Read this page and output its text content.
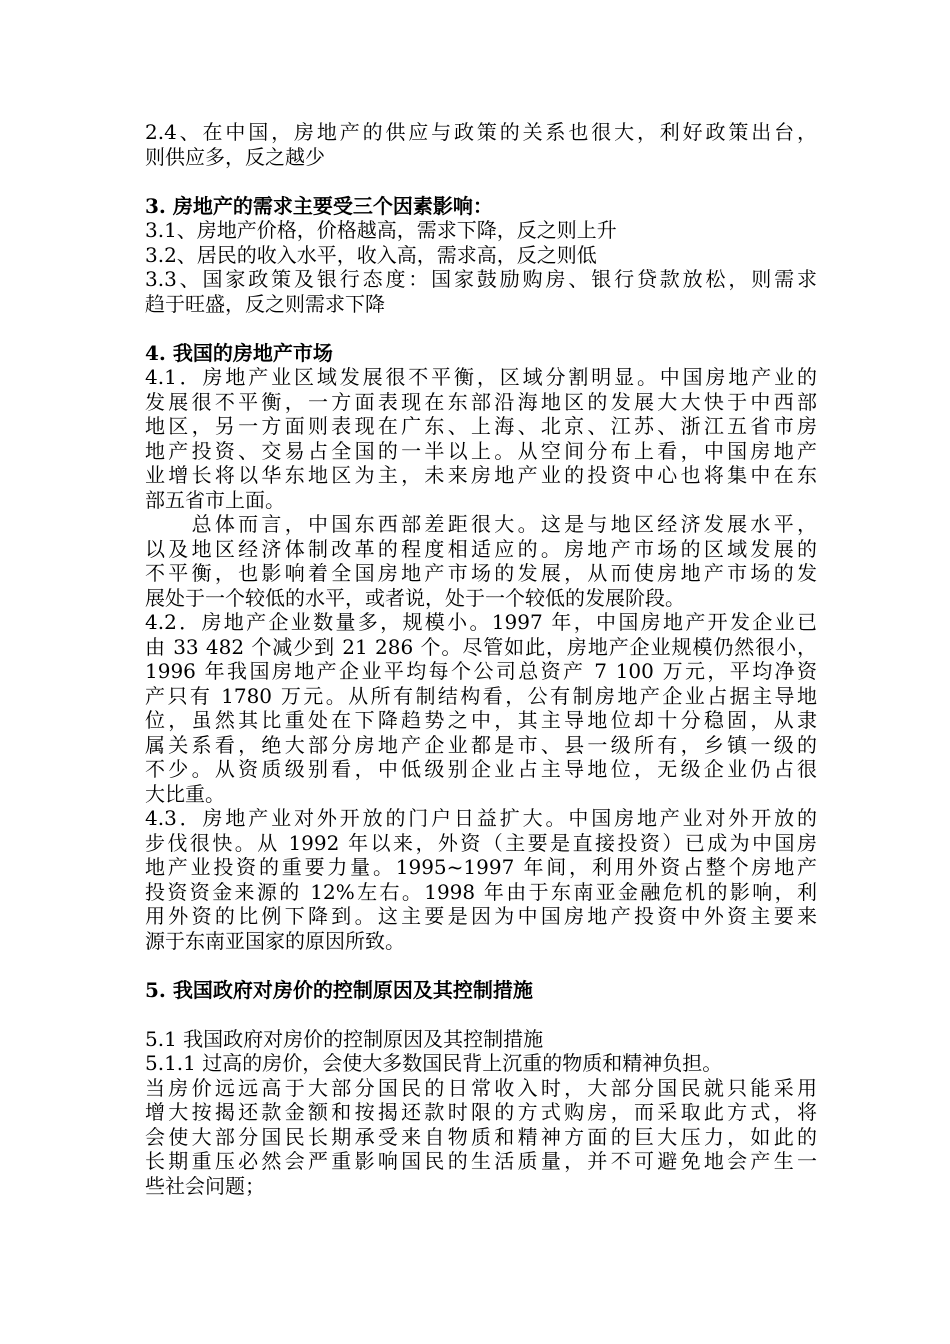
2.4、在中国，房地产的供应与政策的关系也很大，利好政策出台，
则供应多，反之越少
3. 房地产的需求主要受三个因素影响：
3.1、房地产价格，价格越高，需求下降，反之则上升
3.2、居民的收入水平，收入高，需求高，反之则低
3.3、国家政策及银行态度：国家鼓励购房、银行贷款放松，则需求
趋于旺盛，反之则需求下降
4. 我国的房地产市场
4.1．房地产业区域发展很不平衡，区域分割明显。中国房地产业的
发展很不平衡，一方面表现在东部沿海地区的发展大大快于中西部
地区，另一方面则表现在广东、上海、北京、江苏、浙江五省市房
地产投资、交易占全国的一半以上。从空间分布上看，中国房地产
业增长将以华东地区为主，未来房地产业的投资中心也将集中在东
部五省市上面。
　　总体而言，中国东西部差距很大。这是与地区经济发展水平，
以及地区经济体制改革的程度相适应的。房地产市场的区域发展的
不平衡，也影响着全国房地产市场的发展，从而使房地产市场的发
展处于一个较低的水平，或者说，处于一个较低的发展阶段。
4.2．房地产企业数量多，规模小。1997 年，中国房地产开发企业已
由 33 482 个减少到 21 286 个。尽管如此，房地产企业规模仍然很小，
1996 年我国房地产企业平均每个公司总资产 7 100 万元，平均净资
产只有 1780 万元。从所有制结构看，公有制房地产企业占据主导地
位，虽然其比重处在下降趋势之中，其主导地位却十分稳固，从隶
属关系看，绝大部分房地产企业都是市、县一级所有，乡镇一级的
不少。从资质级别看，中低级别企业占主导地位，无级企业仍占很
大比重。
4.3．房地产业对外开放的门户日益扩大。中国房地产业对外开放的
步伐很快。从 1992 年以来，外资（主要是直接投资）已成为中国房
地产业投资的重要力量。1995~1997 年间，利用外资占整个房地产
投资资金来源的 12%左右。1998 年由于东南亚金融危机的影响，利
用外资的比例下降到。这主要是因为中国房地产投资中外资主要来
源于东南亚国家的原因所致。
5. 我国政府对房价的控制原因及其控制措施
5.1 我国政府对房价的控制原因及其控制措施
5.1.1 过高的房价，会使大多数国民背上沉重的物质和精神负担。
当房价远远高于大部分国民的日常收入时，大部分国民就只能采用
增大按揭还款金额和按揭还款时限的方式购房，而采取此方式，将
会使大部分国民长期承受来自物质和精神方面的巨大压力，如此的
长期重压必然会严重影响国民的生活质量，并不可避免地会产生一
些社会问题；
